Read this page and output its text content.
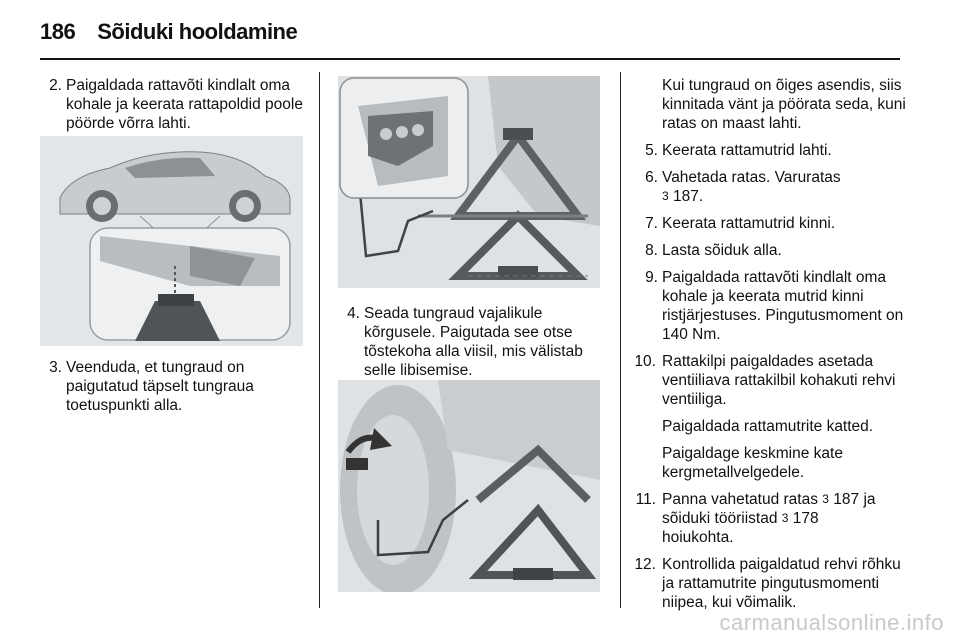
186 Sõiduki hooldamine
2. Paigaldada rattavõti kindlalt oma kohale ja keerata rattapoldid poole pöörde võrra lahti.
3. Veenduda, et tungraud on paigutatud täpselt tungraua toetuspunkti alla.
4. Seada tungraud vajalikule kõrgusele. Paigutada see otse tõstekoha alla viisil, mis välistab selle libisemise.
Kui tungraud on õiges asendis, siis kinnitada vänt ja pöörata seda, kuni ratas on maast lahti.
5. Keerata rattamutrid lahti.
6. Vahetada ratas. Varuratas
3 187.
7. Keerata rattamutrid kinni.
8. Lasta sõiduk alla.
9. Paigaldada rattavõti kindlalt oma kohale ja keerata mutrid kinni ristjärjestuses. Pingutusmoment on 140 Nm.
10. Rattakilpi paigaldades asetada ventiiliava rattakilbil kohakuti rehvi ventiiliga.
Paigaldada rattamutrite katted.
Paigaldage keskmine kate kergmetallvelgedele.
11. Panna vahetatud ratas 3 187 ja
sõiduki tööriistad 3 178
hoiukohta.
12. Kontrollida paigaldatud rehvi rõhku ja rattamutrite pingutusmomenti niipea, kui võimalik.
carmanualsonline.info
